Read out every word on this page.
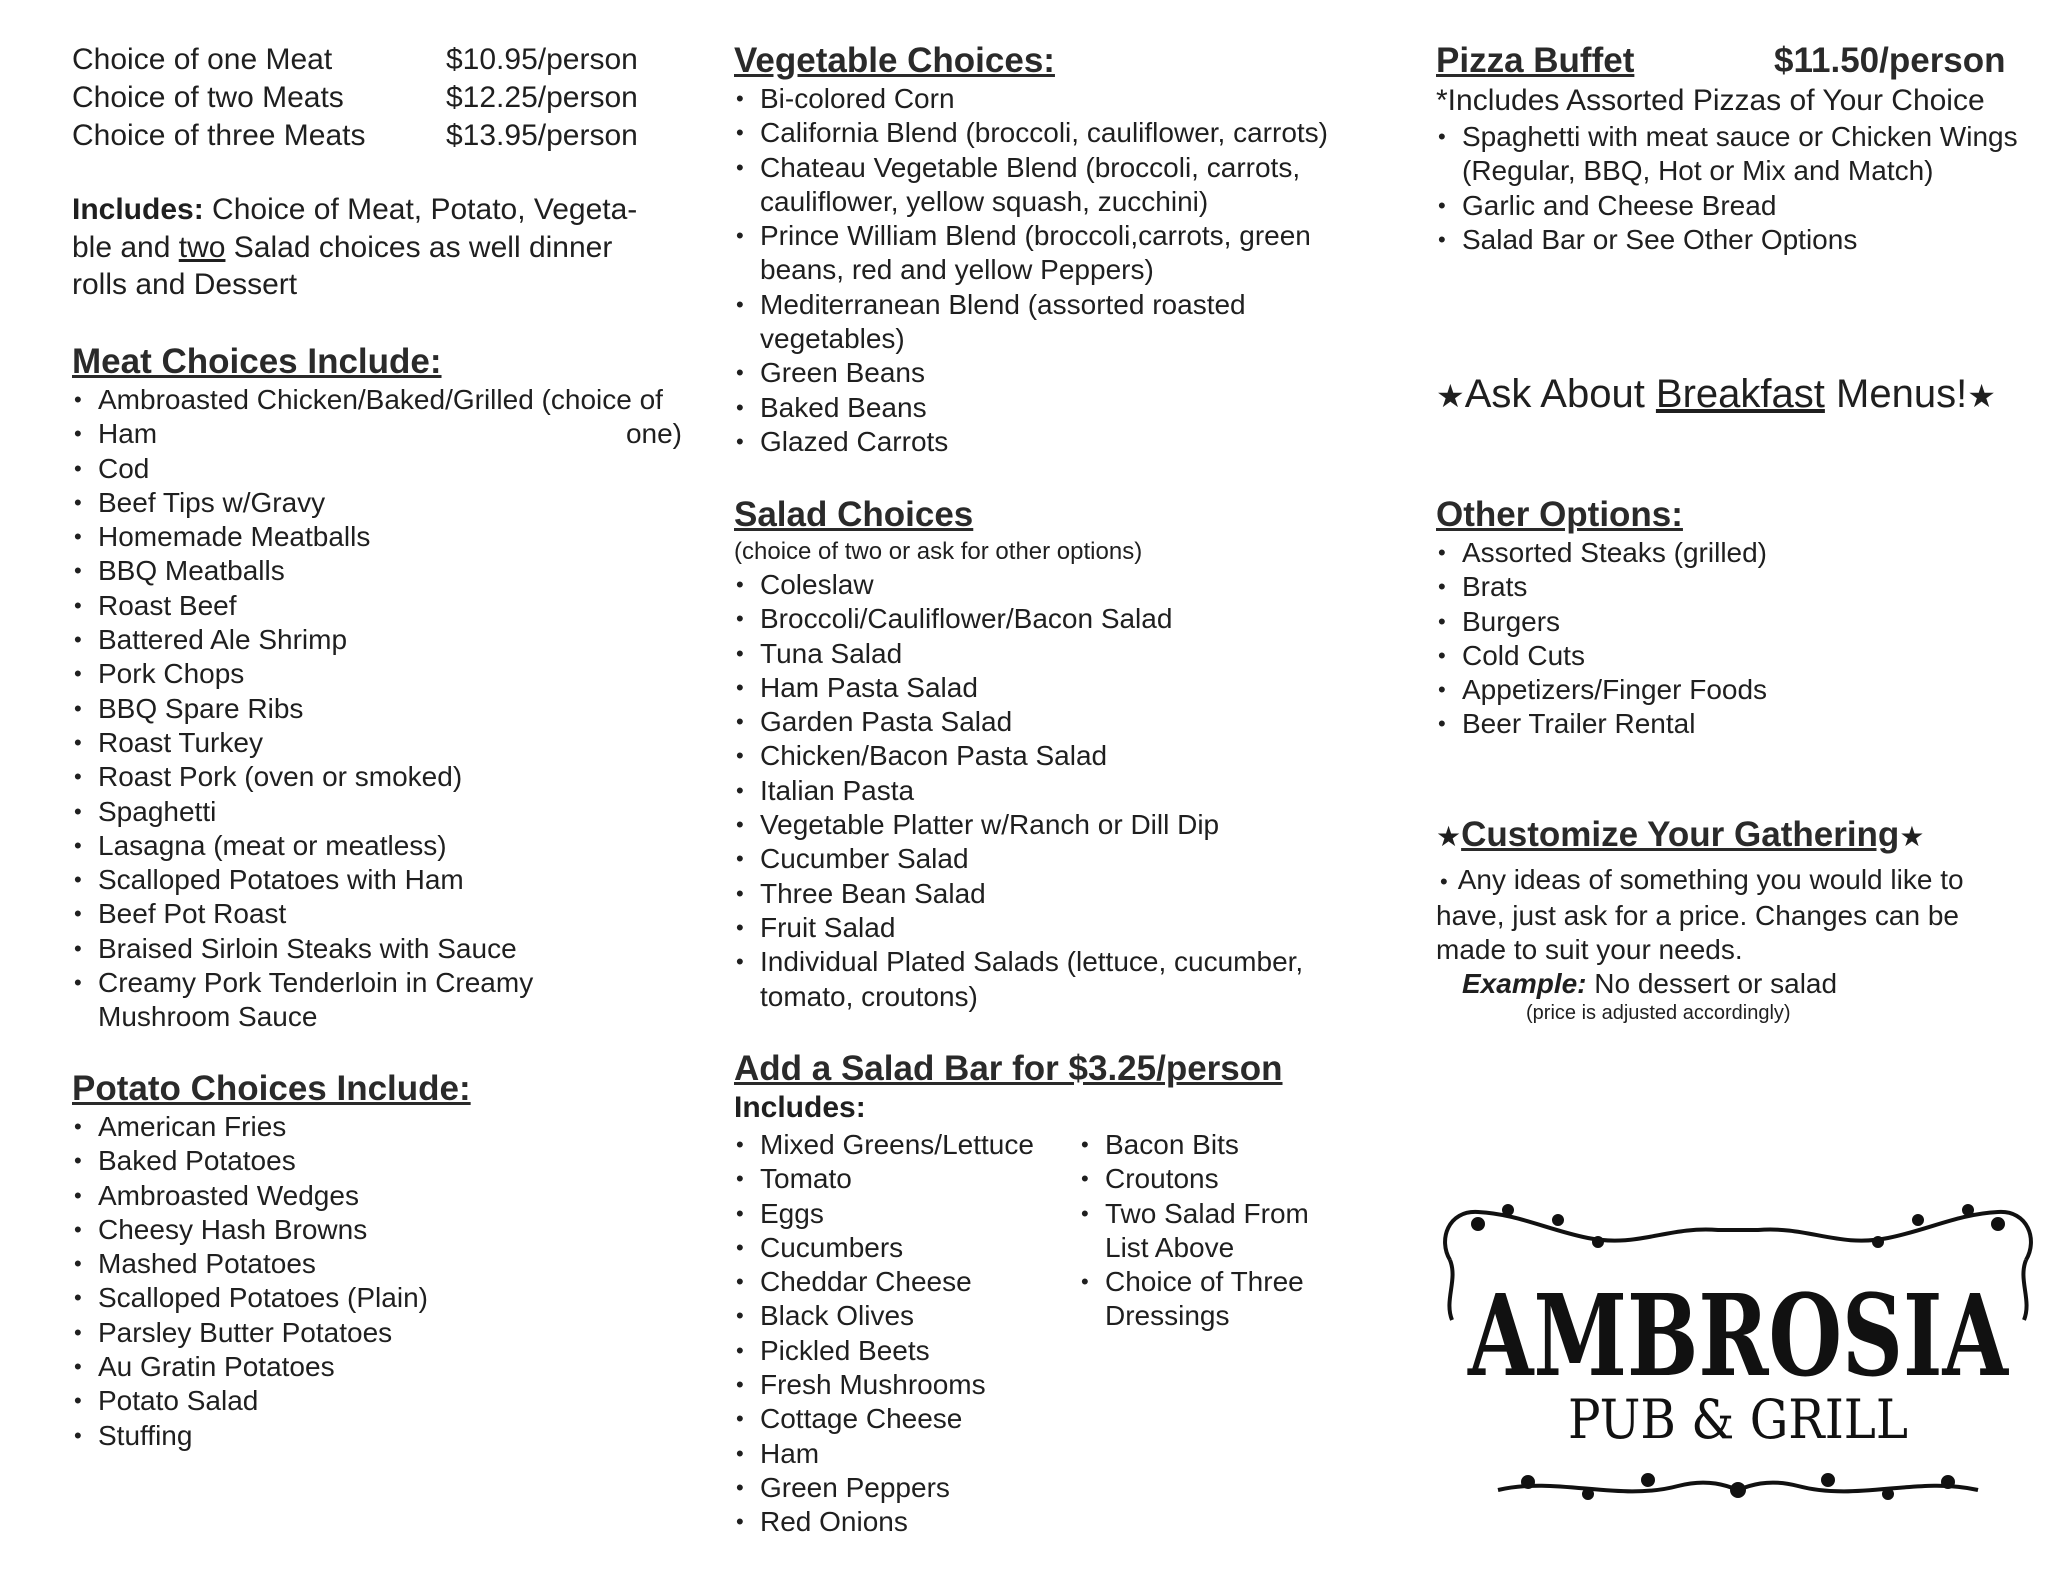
Choice of one Meat	$10.95/person
Choice of two Meats	$12.25/person
Choice of three Meats	$13.95/person
Includes: Choice of Meat, Potato, Vegeta-ble and two Salad choices as well dinner rolls and Dessert
Meat Choices Include:
• Ambroasted Chicken/Baked/Grilled (choice of
• Ham	one)
• Cod
• Beef Tips w/Gravy
• Homemade Meatballs
• BBQ Meatballs
• Roast Beef
• Battered Ale Shrimp
• Pork Chops
• BBQ Spare Ribs
• Roast Turkey
• Roast Pork (oven or smoked)
• Spaghetti
• Lasagna (meat or meatless)
• Scalloped Potatoes with Ham
• Beef Pot Roast
• Braised Sirloin Steaks with Sauce
• Creamy Pork Tenderloin in Creamy Mushroom Sauce
Potato Choices Include:
• American Fries
• Baked Potatoes
• Ambroasted Wedges
• Cheesy Hash Browns
• Mashed Potatoes
• Scalloped Potatoes (Plain)
• Parsley Butter Potatoes
• Au Gratin Potatoes
• Potato Salad
• Stuffing
Vegetable Choices:
• Bi-colored Corn
• California Blend (broccoli, cauliflower, carrots)
• Chateau Vegetable Blend (broccoli, carrots, cauliflower, yellow squash, zucchini)
• Prince William Blend (broccoli,carrots, green beans, red and yellow Peppers)
• Mediterranean Blend (assorted roasted vegetables)
• Green Beans
• Baked Beans
• Glazed Carrots
Salad Choices
(choice of two or ask for other options)
• Coleslaw
• Broccoli/Cauliflower/Bacon Salad
• Tuna Salad
• Ham Pasta Salad
• Garden Pasta Salad
• Chicken/Bacon Pasta Salad
• Italian Pasta
• Vegetable Platter w/Ranch or Dill Dip
• Cucumber Salad
• Three Bean Salad
• Fruit Salad
• Individual Plated Salads (lettuce, cucumber, tomato, croutons)
Add a Salad Bar for $3.25/person
Includes:
• Mixed Greens/Lettuce
• Tomato
• Eggs
• Cucumbers
• Cheddar Cheese
• Black Olives
• Pickled Beets
• Fresh Mushrooms
• Cottage Cheese
• Ham
• Green Peppers
• Red Onions
• Bacon Bits
• Croutons
• Two Salad From List Above
• Choice of Three Dressings
Pizza Buffet	$11.50/person
*Includes Assorted Pizzas of Your Choice
• Spaghetti with meat sauce or Chicken Wings (Regular, BBQ, Hot or Mix and Match)
• Garlic and Cheese Bread
• Salad Bar or See Other Options
★Ask About Breakfast Menus!★
Other Options:
• Assorted Steaks (grilled)
• Brats
• Burgers
• Cold Cuts
• Appetizers/Finger Foods
• Beer Trailer Rental
★Customize Your Gathering★
• Any ideas of something you would like to have, just ask for a price. Changes can be made to suit your needs.
Example: No dessert or salad
(price is adjusted accordingly)
AMBROSIA
PUB & GRILL
